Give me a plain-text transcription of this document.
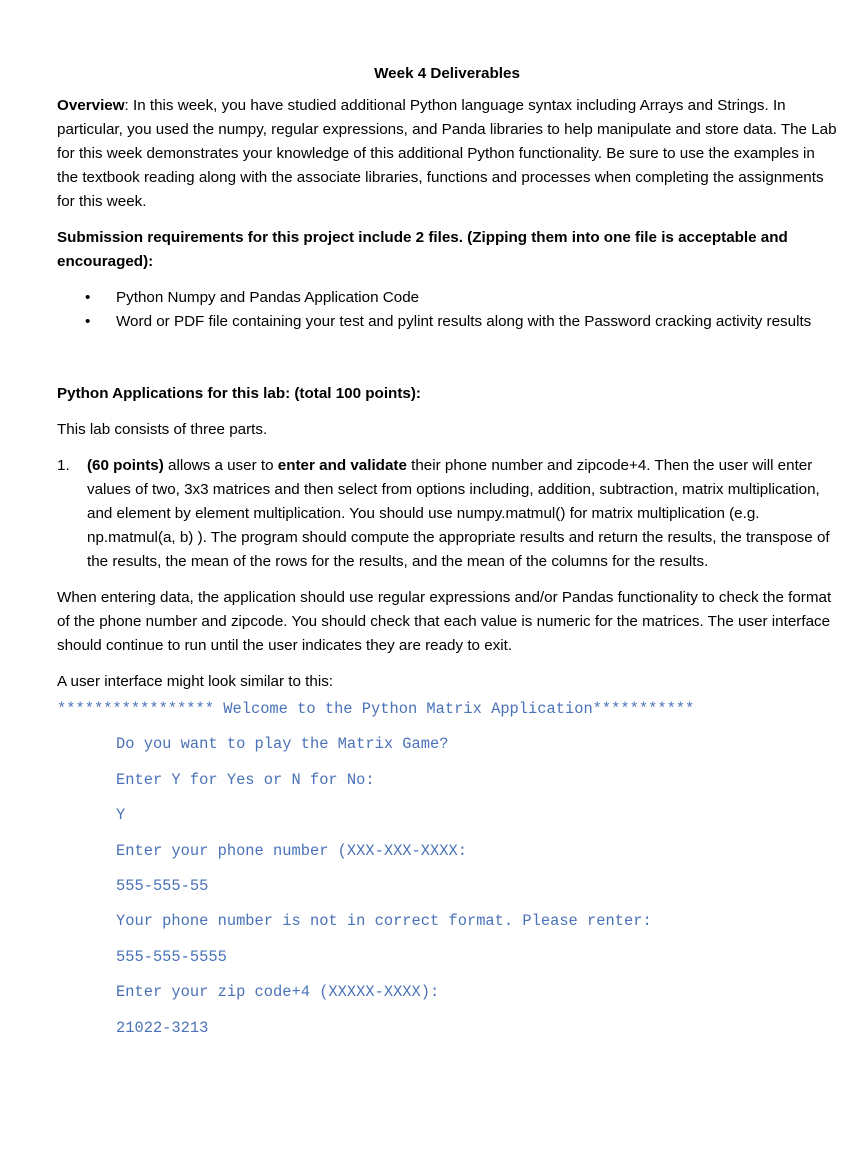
Week 4 Deliverables

Overview: In this week, you have studied additional Python language syntax including Arrays and Strings. In particular, you used the numpy, regular expressions, and Panda libraries to help manipulate and store data. The Lab for this week demonstrates your knowledge of this additional Python functionality. Be sure to use the examples in the textbook reading along with the associate libraries, functions and processes when completing the assignments for this week.

Submission requirements for this project include 2 files. (Zipping them into one file is acceptable and encouraged):

• Python Numpy and Pandas Application Code
• Word or PDF file containing your test and pylint results along with the Password cracking activity results

Python Applications for this lab: (total 100 points):

This lab consists of three parts.

1. (60 points) allows a user to enter and validate their phone number and zipcode+4. Then the user will enter values of two, 3x3 matrices and then select from options including, addition, subtraction, matrix multiplication, and element by element multiplication. You should use numpy.matmul() for matrix multiplication (e.g. np.matmul(a, b) ). The program should compute the appropriate results and return the results, the transpose of the results, the mean of the rows for the results, and the mean of the columns for the results.

When entering data, the application should use regular expressions and/or Pandas functionality to check the format of the phone number and zipcode. You should check that each value is numeric for the matrices. The user interface should continue to run until the user indicates they are ready to exit.

A user interface might look similar to this:

***************** Welcome to the Python Matrix Application***********
Do you want to play the Matrix Game?
Enter Y for Yes or N for No:
Y
Enter your phone number (XXX-XXX-XXXX:
555-555-55
Your phone number is not in correct format. Please renter:
555-555-5555
Enter your zip code+4 (XXXXX-XXXX):
21022-3213
